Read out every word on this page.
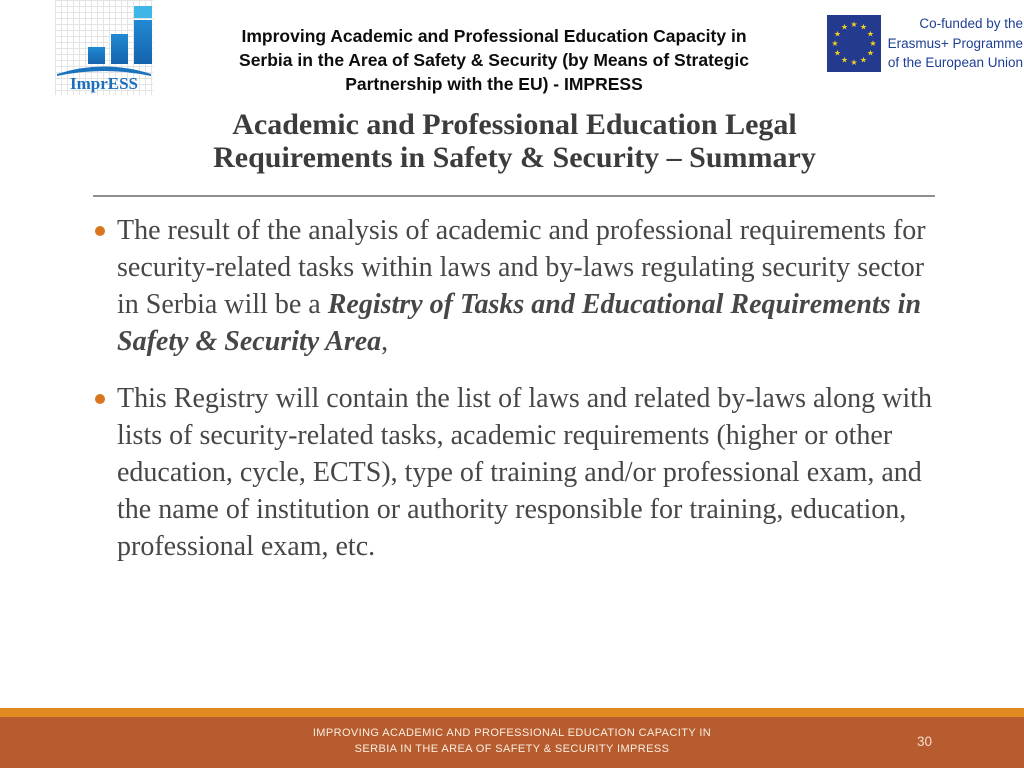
ImprESS
Improving Academic and Professional Education Capacity in
Serbia in the Area of Safety & Security (by Means of Strategic
Partnership with the EU) - IMPRESS
★ ★
★
★
★
★
★
★
★
★
★
★	Co-funded by the
Erasmus+ Programme
of the European Union
Academic and Professional Education Legal
Requirements in Safety & Security – Summary
The result of the analysis of academic and professional requirements for security-related tasks within laws and by-laws regulating security sector in Serbia will be a Registry of Tasks and Educational Requirements in Safety & Security Area,
This Registry will contain the list of laws and related by-laws along with lists of security-related tasks, academic requirements (higher or other education, cycle, ECTS), type of training and/or professional exam, and the name of institution or authority responsible for training, education, professional exam, etc.
IMPROVING ACADEMIC AND PROFESSIONAL EDUCATION CAPACITY IN
SERBIA IN THE AREA OF SAFETY & SECURITY IMPRESS	30
